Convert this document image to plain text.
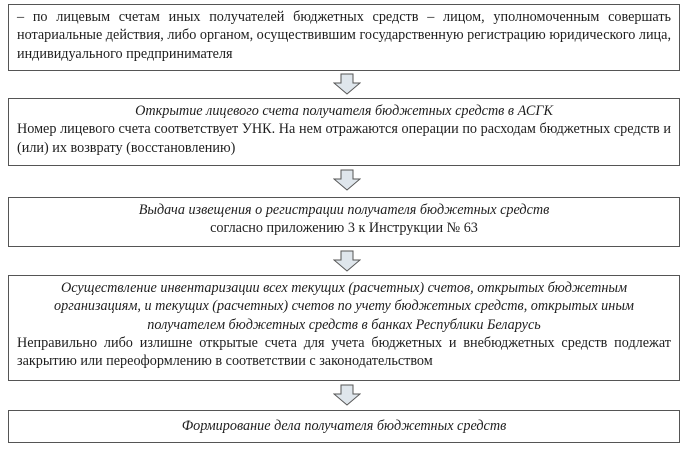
– по лицевым счетам иных получателей бюджетных средств – лицом, уполномоченным совершать нотариальные действия, либо органом, осуществившим государственную регистрацию юридического лица, индивидуального предпринимателя
Открытие лицевого счета получателя бюджетных средств в АСГК
Номер лицевого счета соответствует УНК. На нем отражаются операции по расходам бюджетных средств и (или) их возврату (восстановлению)
Выдача извещения о регистрации получателя бюджетных средств
согласно приложению 3 к Инструкции № 63
Осуществление инвентаризации всех текущих (расчетных) счетов, открытых бюджетным организациям, и текущих (расчетных) счетов по учету бюджетных средств, открытых иным получателем бюджетных средств в банках Республики Беларусь
Неправильно либо излишне открытые счета для учета бюджетных и внебюджетных средств подлежат закрытию или переоформлению в соответствии с законодательством
Формирование дела получателя бюджетных средств
